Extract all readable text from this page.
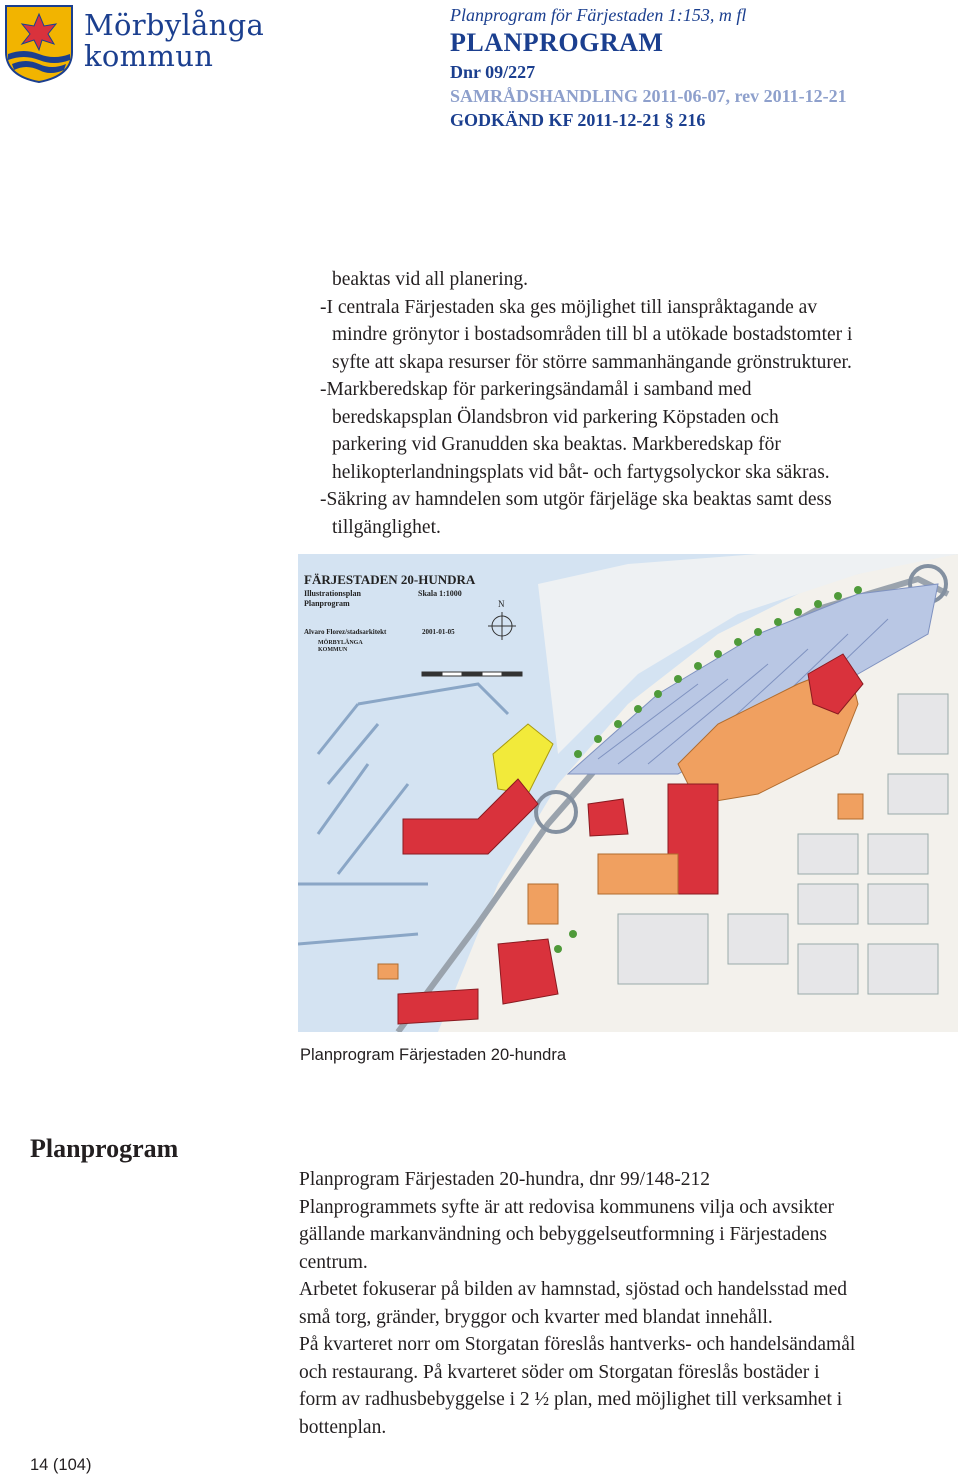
Mörbylånga
kommun
Planprogram för Färjestaden 1:153, m fl
PLANPROGRAM
Dnr 09/227
SAMRÅDSHANDLING 2011-06-07, rev 2011-12-21
GODKÄND KF 2011-12-21 § 216
beaktas vid all planering.
-I centrala Färjestaden ska ges möjlighet till ianspråktagande av
mindre grönytor i bostadsområden till bl a utökade bostadstomter i
syfte att skapa resurser för större sammanhängande grönstrukturer.
-Markberedskap för parkeringsändamål i samband med
beredskapsplan Ölandsbron vid parkering Köpstaden och
parkering vid Granudden ska beaktas. Markberedskap för
helikopterlandningsplats vid båt- och fartygsolyckor ska säkras.
-Säkring av hamndelen som utgör färjeläge ska beaktas samt dess
tillgänglighet.
FÄRJESTADEN 20-HUNDRA
Illustrationsplan
Planprogram
Skala 1:1000
Alvaro Florez/stadsarkitekt	2001-01-05
MÖRBYLÅNGA
KOMMUN
N
Planprogram Färjestaden 20-hundra
Planprogram
Planprogram Färjestaden 20-hundra, dnr 99/148-212
Planprogrammets syfte är att redovisa kommunens vilja och avsikter
gällande markanvändning och bebyggelseutformning i Färjestadens
centrum.
Arbetet fokuserar på bilden av hamnstad, sjöstad och handelsstad med
små torg, gränder, bryggor och kvarter med blandat innehåll.
På kvarteret norr om Storgatan föreslås hantverks- och handelsändamål
och restaurang. På kvarteret söder om Storgatan föreslås bostäder i
form av radhusbebyggelse i 2 ½ plan, med möjlighet till verksamhet i
bottenplan.
14 (104)
